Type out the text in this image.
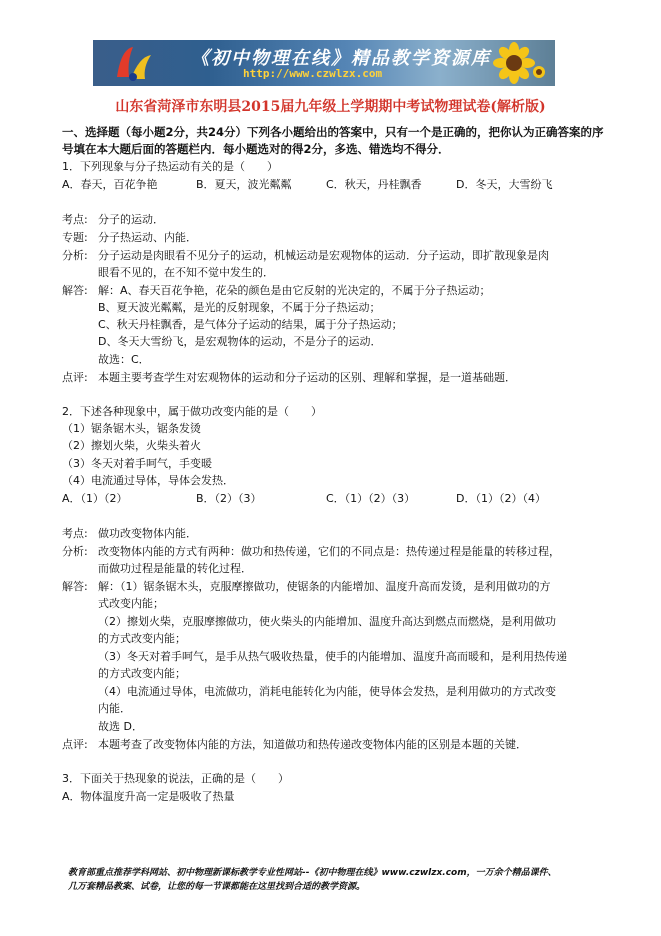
《初中物理在线》精品教学资源库
http://www.czwlzx.com
山东省菏泽市东明县2015届九年级上学期期中考试物理试卷(解析版)
一、选择题（每小题2分，共24分）下列各小题给出的答案中，只有一个是正确的，把你认为正确答案的序号填在本大题后面的答题栏内．每小题选对的得2分，多选、错选均不得分．
1．下列现象与分子热运动有关的是（　　）
A．春天，百花争艳	B．夏天，波光粼粼	C．秋天，丹桂飘香	D．冬天，大雪纷飞
考点: 分子的运动．
专题: 分子热运动、内能．
分析: 分子运动是肉眼看不见分子的运动，机械运动是宏观物体的运动．分子运动，即扩散现象是肉
眼看不见的，在不知不觉中发生的．
解答: 解：A、春天百花争艳，花朵的颜色是由它反射的光决定的，不属于分子热运动；
B、夏天波光粼粼，是光的反射现象，不属于分子热运动；
C、秋天丹桂飘香，是气体分子运动的结果，属于分子热运动；
D、冬天大雪纷飞，是宏观物体的运动，不是分子的运动．
故选：C．
点评: 本题主要考查学生对宏观物体的运动和分子运动的区别、理解和掌握，是一道基础题．
2．下述各种现象中，属于做功改变内能的是（　　）
（1）锯条锯木头，锯条发烫
（2）擦划火柴，火柴头着火
（3）冬天对着手呵气，手变暖
（4）电流通过导体，导体会发热．
A．（1）（2）	B．（2）（3）	C．（1）（2）（3）	D．（1）（2）（4）
考点: 做功改变物体内能．
分析: 改变物体内能的方式有两种：做功和热传递，它们的不同点是：热传递过程是能量的转移过程，
而做功过程是能量的转化过程．
解答: 解：（1）锯条锯木头，克服摩擦做功，使锯条的内能增加、温度升高而发烫，是利用做功的方
式改变内能；
（2）擦划火柴，克服摩擦做功，使火柴头的内能增加、温度升高达到燃点而燃烧，是利用做功
的方式改变内能；
（3）冬天对着手呵气，是手从热气吸收热量，使手的内能增加、温度升高而暖和，是利用热传递
的方式改变内能；
（4）电流通过导体，电流做功，消耗电能转化为内能，使导体会发热，是利用做功的方式改变
内能．
故选 D．
点评: 本题考查了改变物体内能的方法，知道做功和热传递改变物体内能的区别是本题的关键．
3．下面关于热现象的说法，正确的是（　　）
A．物体温度升高一定是吸收了热量
教育部重点推荐学科网站、初中物理新课标教学专业性网站--《初中物理在线》www.czwlzx.com，一万余个精品课件、
几万套精品教案、试卷，让您的每一节课都能在这里找到合适的教学资源。
